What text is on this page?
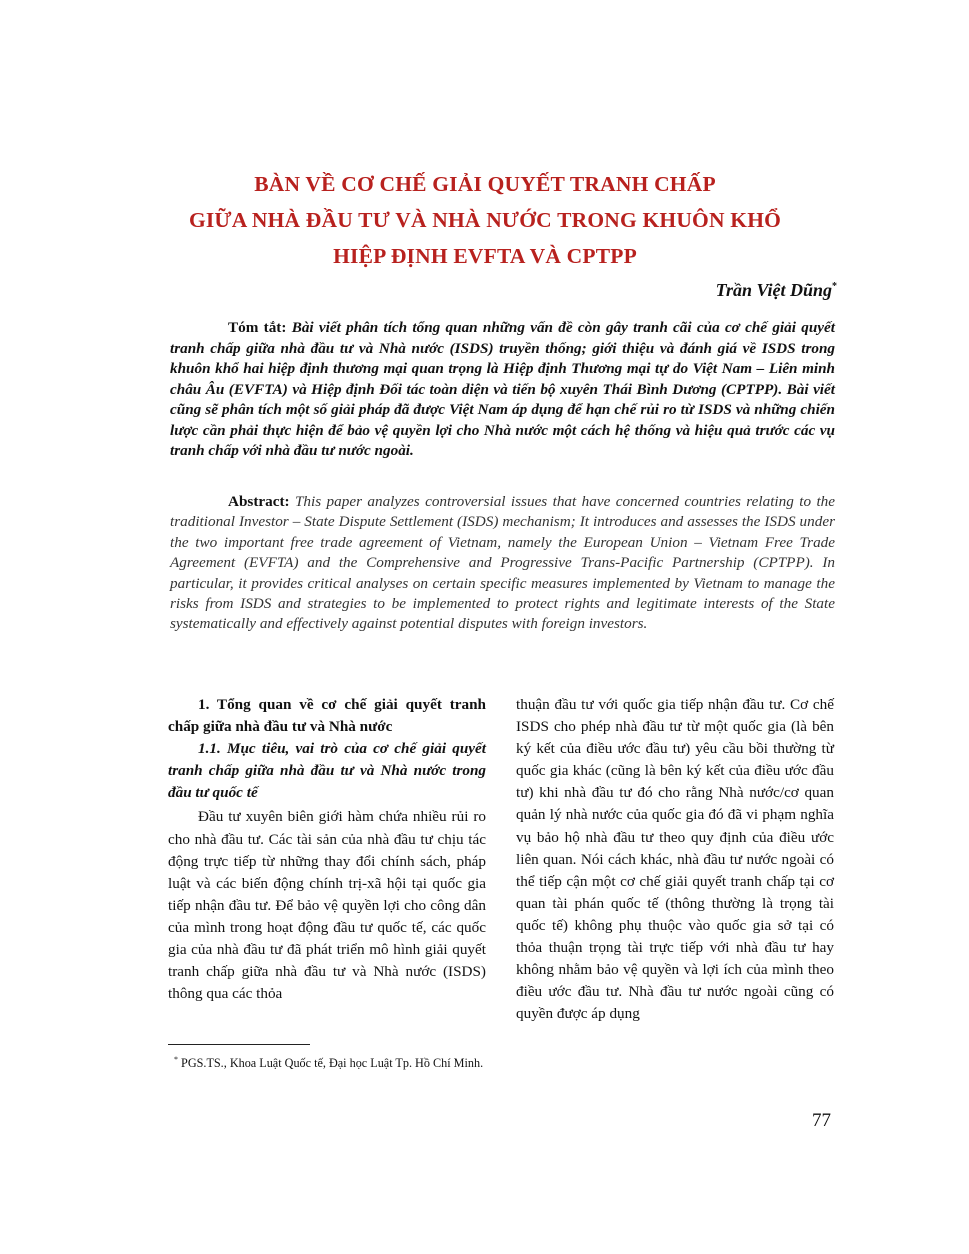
BÀN VỀ CƠ CHẾ GIẢI QUYẾT TRANH CHẤP
GIỮA NHÀ ĐẦU TƯ VÀ NHÀ NƯỚC TRONG KHUÔN KHỔ
HIỆP ĐỊNH EVFTA VÀ CPTPP
Trần Việt Dũng*
Tóm tắt: Bài viết phân tích tổng quan những vấn đề còn gây tranh cãi của cơ chế giải quyết tranh chấp giữa nhà đầu tư và Nhà nước (ISDS) truyền thống; giới thiệu và đánh giá về ISDS trong khuôn khổ hai hiệp định thương mại quan trọng là Hiệp định Thương mại tự do Việt Nam – Liên minh châu Âu (EVFTA) và Hiệp định Đối tác toàn diện và tiến bộ xuyên Thái Bình Dương (CPTPP). Bài viết cũng sẽ phân tích một số giải pháp đã được Việt Nam áp dụng để hạn chế rủi ro từ ISDS và những chiến lược cần phải thực hiện để bảo vệ quyền lợi cho Nhà nước một cách hệ thống và hiệu quả trước các vụ tranh chấp với nhà đầu tư nước ngoài.
Abstract: This paper analyzes controversial issues that have concerned countries relating to the traditional Investor – State Dispute Settlement (ISDS) mechanism; It introduces and assesses the ISDS under the two important free trade agreement of Vietnam, namely the European Union – Vietnam Free Trade Agreement (EVFTA) and the Comprehensive and Progressive Trans-Pacific Partnership (CPTPP). In particular, it provides critical analyses on certain specific measures implemented by Vietnam to manage the risks from ISDS and strategies to be implemented to protect rights and legitimate interests of the State systematically and effectively against potential disputes with foreign investors.

1. Tổng quan về cơ chế giải quyết tranh chấp giữa nhà đầu tư và Nhà nước

1.1. Mục tiêu, vai trò của cơ chế giải quyết tranh chấp giữa nhà đầu tư và Nhà nước trong đầu tư quốc tế

Đầu tư xuyên biên giới hàm chứa nhiều rủi ro cho nhà đầu tư. Các tài sản của nhà đầu tư chịu tác động trực tiếp từ những thay đổi chính sách, pháp luật và các biến động chính trị-xã hội tại quốc gia tiếp nhận đầu tư. Để bảo vệ quyền lợi cho công dân của mình trong hoạt động đầu tư quốc tế, các quốc gia của nhà đầu tư đã phát triển mô hình giải quyết tranh chấp giữa nhà đầu tư và Nhà nước (ISDS) thông qua các thỏa

thuận đầu tư với quốc gia tiếp nhận đầu tư. Cơ chế ISDS cho phép nhà đầu tư từ một quốc gia (là bên ký kết của điều ước đầu tư) yêu cầu bồi thường từ quốc gia khác (cũng là bên ký kết của điều ước đầu tư) khi nhà đầu tư đó cho rằng Nhà nước/cơ quan quản lý nhà nước của quốc gia đó đã vi phạm nghĩa vụ bảo hộ nhà đầu tư theo quy định của điều ước liên quan. Nói cách khác, nhà đầu tư nước ngoài có thể tiếp cận một cơ chế giải quyết tranh chấp tại cơ quan tài phán quốc tế (thông thường là trọng tài quốc tế) không phụ thuộc vào quốc gia sở tại có thỏa thuận trọng tài trực tiếp với nhà đầu tư hay không nhằm bảo vệ quyền và lợi ích của mình theo điều ước đầu tư. Nhà đầu tư nước ngoài cũng có quyền được áp dụng

* PGS.TS., Khoa Luật Quốc tế, Đại học Luật Tp. Hồ Chí Minh.
77
